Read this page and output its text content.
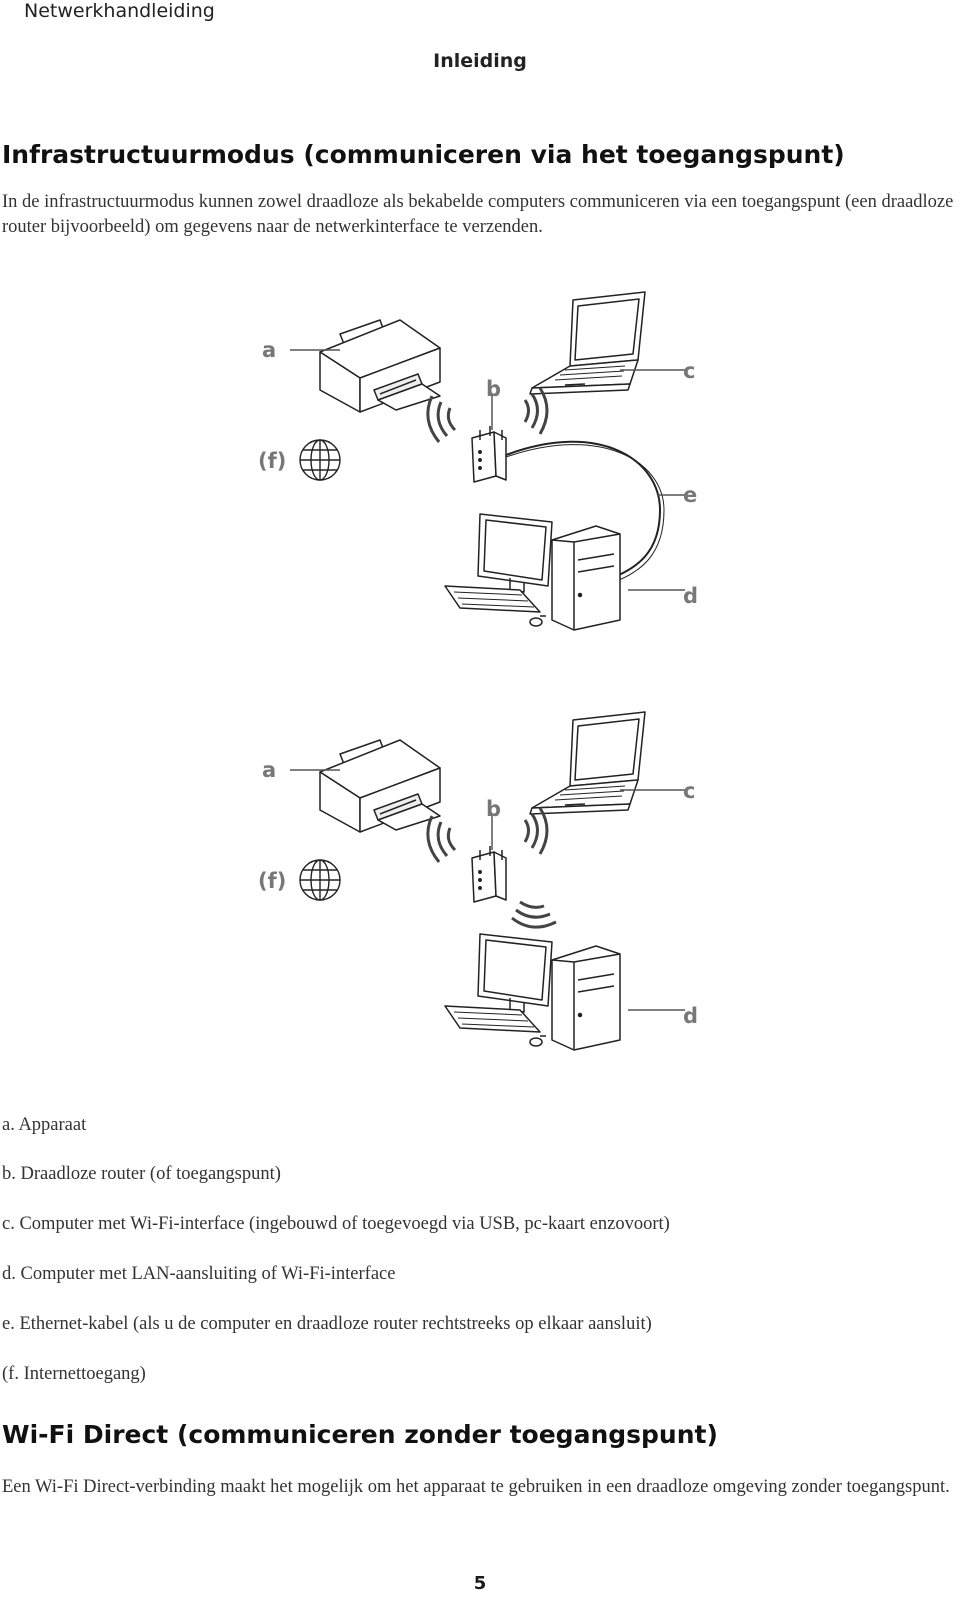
Netwerkhandleiding
Inleiding
Infrastructuurmodus (communiceren via het toegangspunt)

In de infrastructuurmodus kunnen zowel draadloze als bekabelde computers communiceren via een toegangspunt (een draadloze router bijvoorbeeld) om gegevens naar de netwerkinterface te verzenden.

a
b
c
d
e
(f)
a
b
c
d
(f)
a. Apparaat
b. Draadloze router (of toegangspunt)
c. Computer met Wi-Fi-interface (ingebouwd of toegevoegd via USB, pc-kaart enzovoort)
d. Computer met LAN-aansluiting of Wi-Fi-interface
e. Ethernet-kabel (als u de computer en draadloze router rechtstreeks op elkaar aansluit)
(f. Internettoegang)
Wi-Fi Direct (communiceren zonder toegangspunt)

Een Wi-Fi Direct-verbinding maakt het mogelijk om het apparaat te gebruiken in een draadloze omgeving zonder toegangspunt.

5
